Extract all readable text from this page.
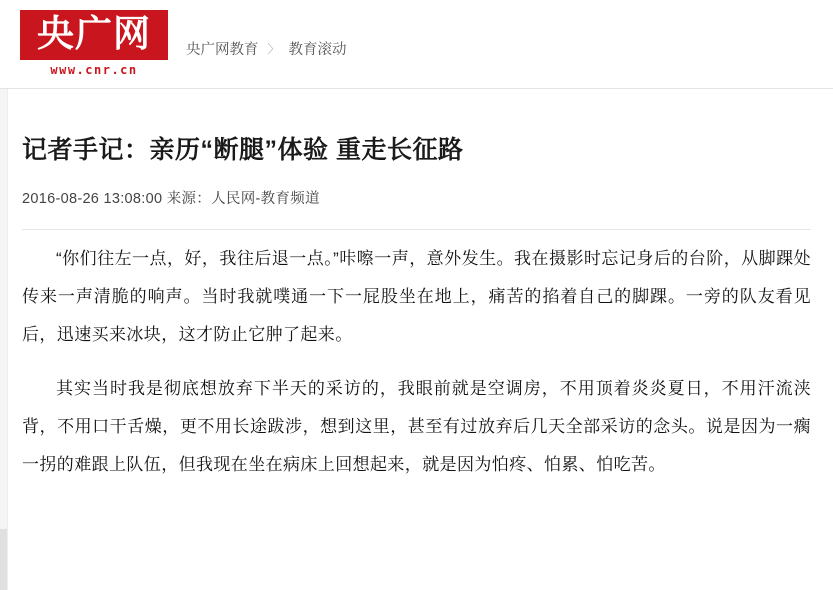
央广网
www.cnr.cn
央广网教育 〉 教育滚动
记者手记：亲历“断腿”体验 重走长征路
2016-08-26 13:08:00 来源：人民网-教育频道

“你们往左一点，好，我往后退一点。”咔嚓一声，意外发生。我在摄影时忘记身后的台阶，从脚踝处传来一声清脆的响声。当时我就噗通一下一屁股坐在地上，痛苦的掐着自己的脚踝。一旁的队友看见后，迅速买来冰块，这才防止它肿了起来。

其实当时我是彻底想放弃下半天的采访的，我眼前就是空调房，不用顶着炎炎夏日，不用汗流浃背，不用口干舌燥，更不用长途跋涉，想到这里，甚至有过放弃后几天全部采访的念头。说是因为一瘸一拐的难跟上队伍，但我现在坐在病床上回想起来，就是因为怕疼、怕累、怕吃苦。
